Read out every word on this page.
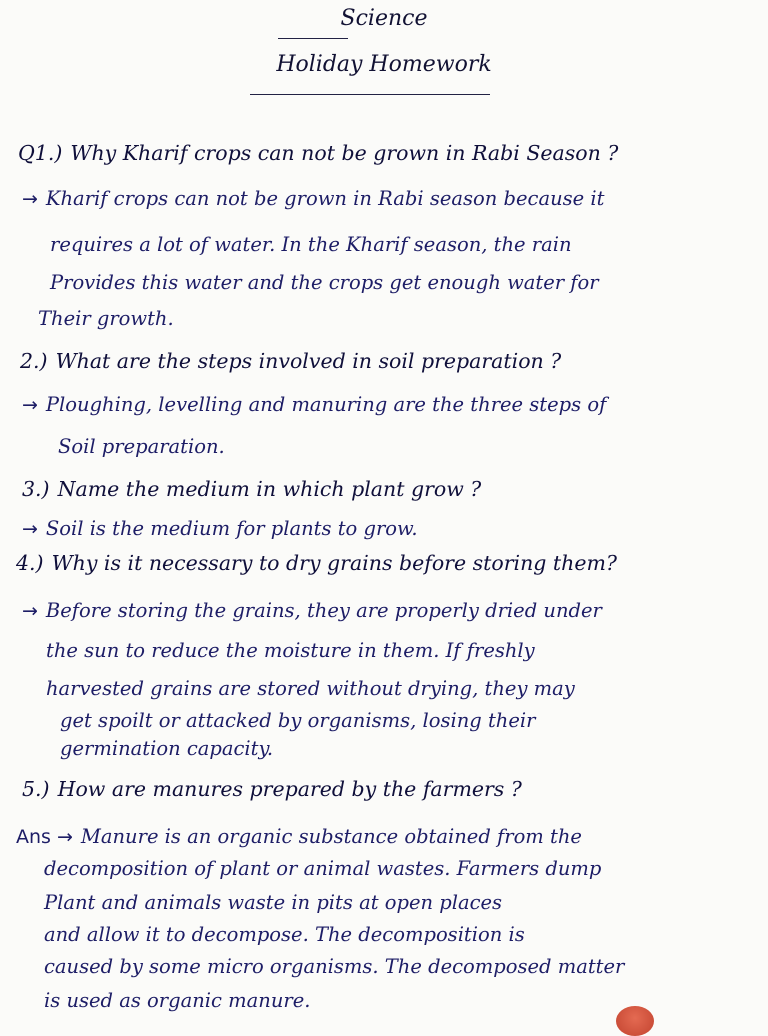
Science
Holiday Homework
Q1.) Why Kharif crops can not be grown in Rabi Season ?
→ Kharif crops can not be grown in Rabi season because it
requires a lot of water. In the Kharif season, the rain
Provides this water and the crops get enough water for
Their growth.
2.) What are the steps involved in soil preparation ?
→ Ploughing, levelling and manuring are the three steps of
Soil preparation.
3.) Name the medium in which plant grow ?
→ Soil is the medium for plants to grow.
4.) Why is it necessary to dry grains before storing them?
→ Before storing the grains, they are properly dried under
the sun to reduce the moisture in them. If freshly
harvested grains are stored without drying, they may
get spoilt or attacked by organisms, losing their
germination capacity.
5.) How are manures prepared by the farmers ?
Ans → Manure is an organic substance obtained from the
decomposition of plant or animal wastes. Farmers dump
Plant and animals waste in pits at open places
and allow it to decompose. The decomposition is
caused by some micro organisms. The decomposed matter
is used as organic manure.
